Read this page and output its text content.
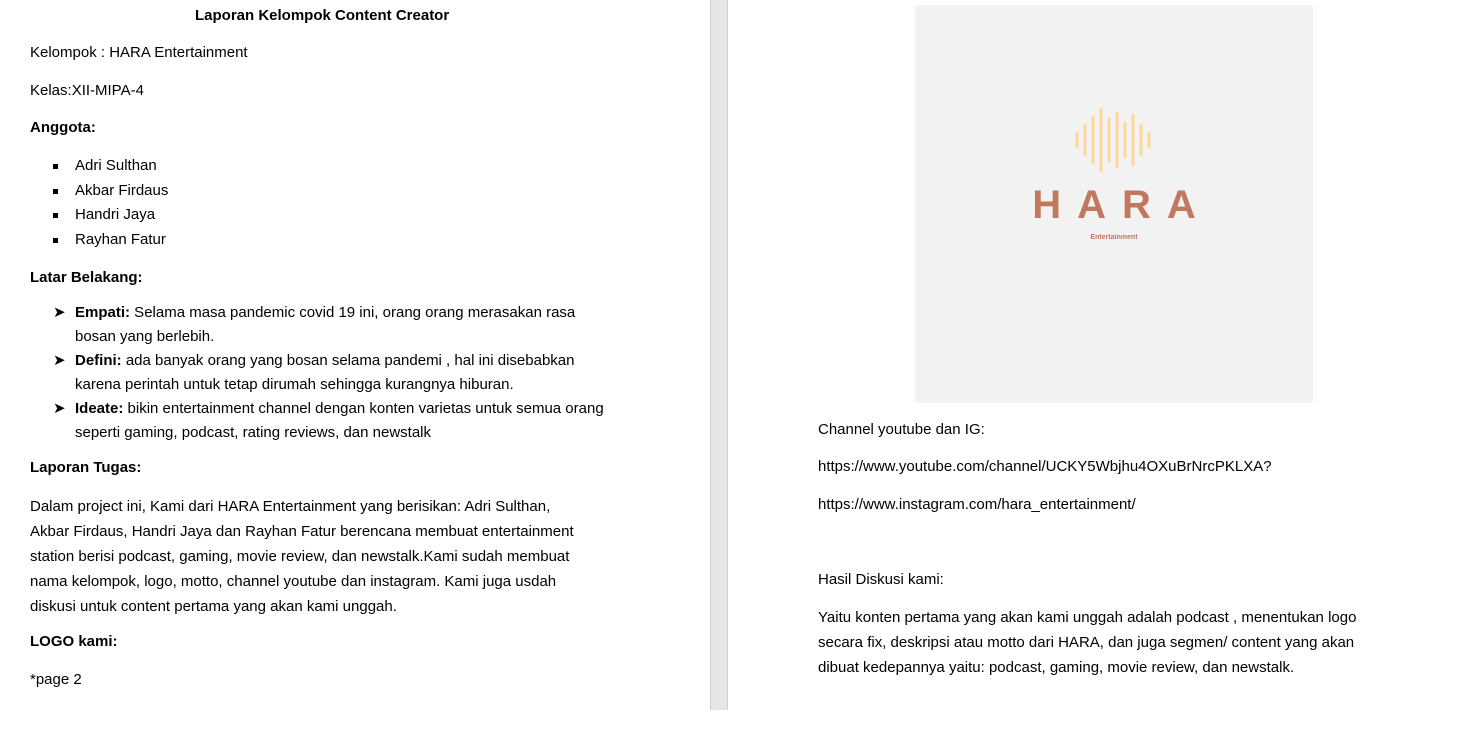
Laporan Kelompok Content Creator
Kelompok : HARA Entertainment
Kelas:XII-MIPA-4
Anggota:
Adri Sulthan
Akbar Firdaus
Handri Jaya
Rayhan Fatur
Latar Belakang:
➤ Empati: Selama masa pandemic covid 19 ini, orang orang merasakan rasa bosan yang berlebih.
➤ Defini: ada banyak orang yang bosan selama pandemi , hal ini disebabkan karena perintah untuk tetap dirumah sehingga kurangnya hiburan.
➤ Ideate: bikin entertainment channel dengan konten varietas untuk semua orang seperti gaming, podcast, rating reviews, dan newstalk
Laporan Tugas:
Dalam project ini, Kami dari HARA Entertainment yang berisikan: Adri Sulthan,
Akbar Firdaus, Handri Jaya dan Rayhan Fatur berencana membuat entertainment
station berisi podcast, gaming, movie review, dan newstalk.Kami sudah membuat
nama kelompok, logo, motto, channel youtube dan instagram. Kami juga usdah
diskusi untuk content pertama yang akan kami unggah.
LOGO kami:
*page 2
HARA
Entertainment
Channel youtube dan IG:
https://www.youtube.com/channel/UCKY5Wbjhu4OXuBrNrcPKLXA?
https://www.instagram.com/hara_entertainment/
Hasil Diskusi kami:
Yaitu konten pertama yang akan kami unggah adalah podcast , menentukan logo
secara fix, deskripsi atau motto dari HARA, dan juga segmen/ content yang akan
dibuat kedepannya yaitu: podcast, gaming, movie review, dan newstalk.
